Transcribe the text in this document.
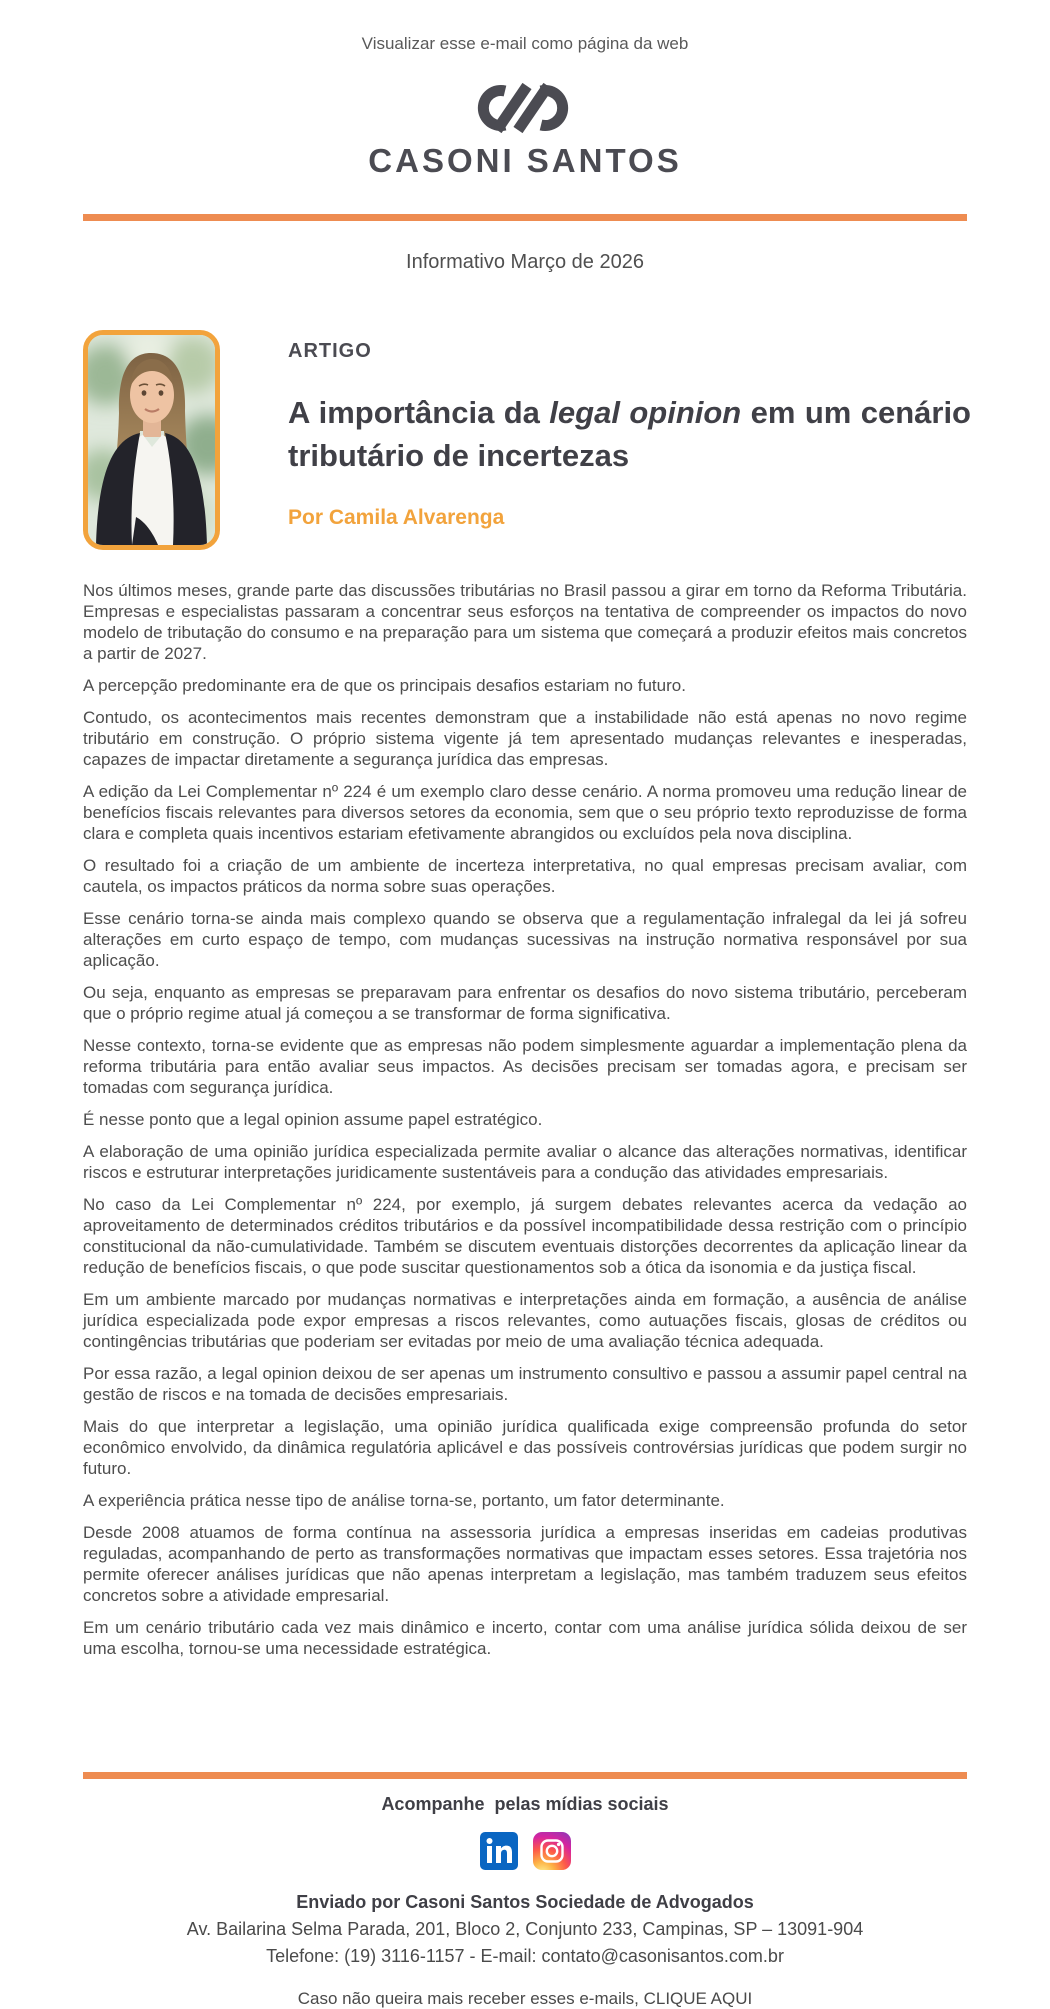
Visualizar esse e-mail como página da web
CASONI SANTOS
Informativo Março de 2026
ARTIGO
A importância da legal opinion em um cenário tributário de incertezas
Por Camila Alvarenga

Nos últimos meses, grande parte das discussões tributárias no Brasil passou a girar em torno da Reforma Tributária. Empresas e especialistas passaram a concentrar seus esforços na tentativa de compreender os impactos do novo modelo de tributação do consumo e na preparação para um sistema que começará a produzir efeitos mais concretos a partir de 2027.

A percepção predominante era de que os principais desafios estariam no futuro.

Contudo, os acontecimentos mais recentes demonstram que a instabilidade não está apenas no novo regime tributário em construção. O próprio sistema vigente já tem apresentado mudanças relevantes e inesperadas, capazes de impactar diretamente a segurança jurídica das empresas.

A edição da Lei Complementar nº 224 é um exemplo claro desse cenário. A norma promoveu uma redução linear de benefícios fiscais relevantes para diversos setores da economia, sem que o seu próprio texto reproduzisse de forma clara e completa quais incentivos estariam efetivamente abrangidos ou excluídos pela nova disciplina.

O resultado foi a criação de um ambiente de incerteza interpretativa, no qual empresas precisam avaliar, com cautela, os impactos práticos da norma sobre suas operações.

Esse cenário torna-se ainda mais complexo quando se observa que a regulamentação infralegal da lei já sofreu alterações em curto espaço de tempo, com mudanças sucessivas na instrução normativa responsável por sua aplicação.

Ou seja, enquanto as empresas se preparavam para enfrentar os desafios do novo sistema tributário, perceberam que o próprio regime atual já começou a se transformar de forma significativa.

Nesse contexto, torna-se evidente que as empresas não podem simplesmente aguardar a implementação plena da reforma tributária para então avaliar seus impactos. As decisões precisam ser tomadas agora, e precisam ser tomadas com segurança jurídica.

É nesse ponto que a legal opinion assume papel estratégico.

A elaboração de uma opinião jurídica especializada permite avaliar o alcance das alterações normativas, identificar riscos e estruturar interpretações juridicamente sustentáveis para a condução das atividades empresariais.

No caso da Lei Complementar nº 224, por exemplo, já surgem debates relevantes acerca da vedação ao aproveitamento de determinados créditos tributários e da possível incompatibilidade dessa restrição com o princípio constitucional da não-cumulatividade. Também se discutem eventuais distorções decorrentes da aplicação linear da redução de benefícios fiscais, o que pode suscitar questionamentos sob a ótica da isonomia e da justiça fiscal.

Em um ambiente marcado por mudanças normativas e interpretações ainda em formação, a ausência de análise jurídica especializada pode expor empresas a riscos relevantes, como autuações fiscais, glosas de créditos ou contingências tributárias que poderiam ser evitadas por meio de uma avaliação técnica adequada.

Por essa razão, a legal opinion deixou de ser apenas um instrumento consultivo e passou a assumir papel central na gestão de riscos e na tomada de decisões empresariais.

Mais do que interpretar a legislação, uma opinião jurídica qualificada exige compreensão profunda do setor econômico envolvido, da dinâmica regulatória aplicável e das possíveis controvérsias jurídicas que podem surgir no futuro.

A experiência prática nesse tipo de análise torna-se, portanto, um fator determinante.

Desde 2008 atuamos de forma contínua na assessoria jurídica a empresas inseridas em cadeias produtivas reguladas, acompanhando de perto as transformações normativas que impactam esses setores. Essa trajetória nos permite oferecer análises jurídicas que não apenas interpretam a legislação, mas também traduzem seus efeitos concretos sobre a atividade empresarial.

Em um cenário tributário cada vez mais dinâmico e incerto, contar com uma análise jurídica sólida deixou de ser uma escolha, tornou-se uma necessidade estratégica.

Acompanhe  pelas mídias sociais
Enviado por Casoni Santos Sociedade de Advogados
Av. Bailarina Selma Parada, 201, Bloco 2, Conjunto 233, Campinas, SP – 13091-904
Telefone: (19) 3116-1157 - E-mail: contato@casonisantos.com.br
Caso não queira mais receber esses e-mails, CLIQUE AQUI
